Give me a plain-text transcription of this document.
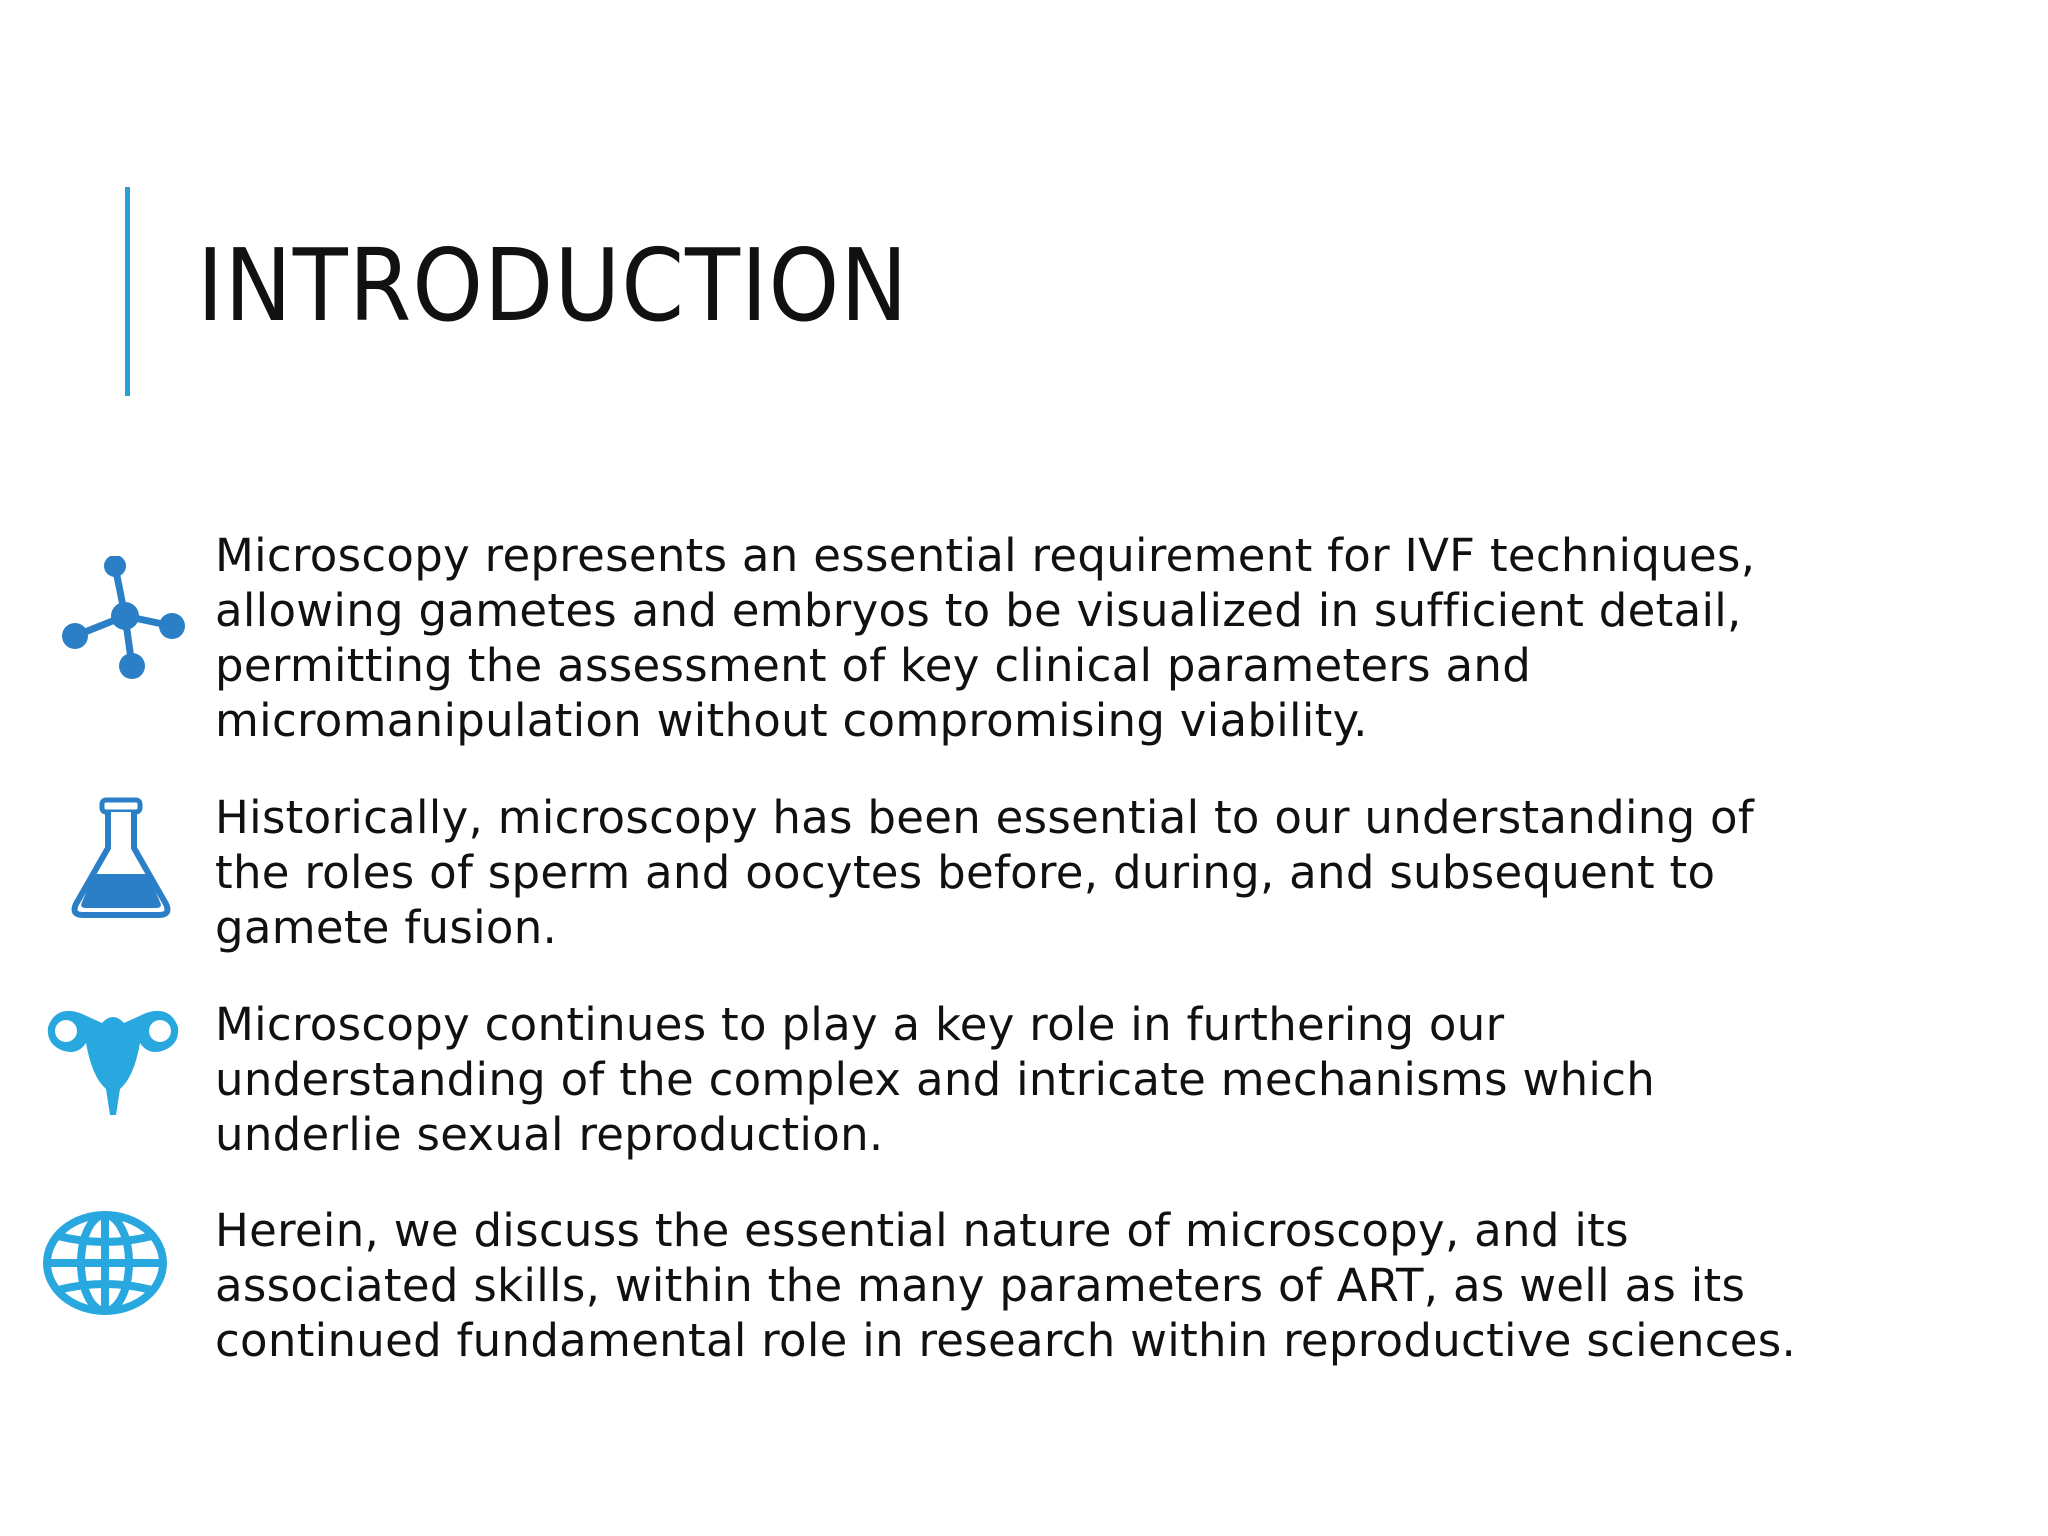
INTRODUCTION
Microscopy represents an essential requirement for IVF techniques,
allowing gametes and embryos to be visualized in sufficient detail,
permitting the assessment of key clinical parameters and
micromanipulation without compromising viability.
Historically, microscopy has been essential to our understanding of
the roles of sperm and oocytes before, during, and subsequent to
gamete fusion.
Microscopy continues to play a key role in furthering our
understanding of the complex and intricate mechanisms which
underlie sexual reproduction.
Herein, we discuss the essential nature of microscopy, and its
associated skills, within the many parameters of ART, as well as its
continued fundamental role in research within reproductive sciences.
